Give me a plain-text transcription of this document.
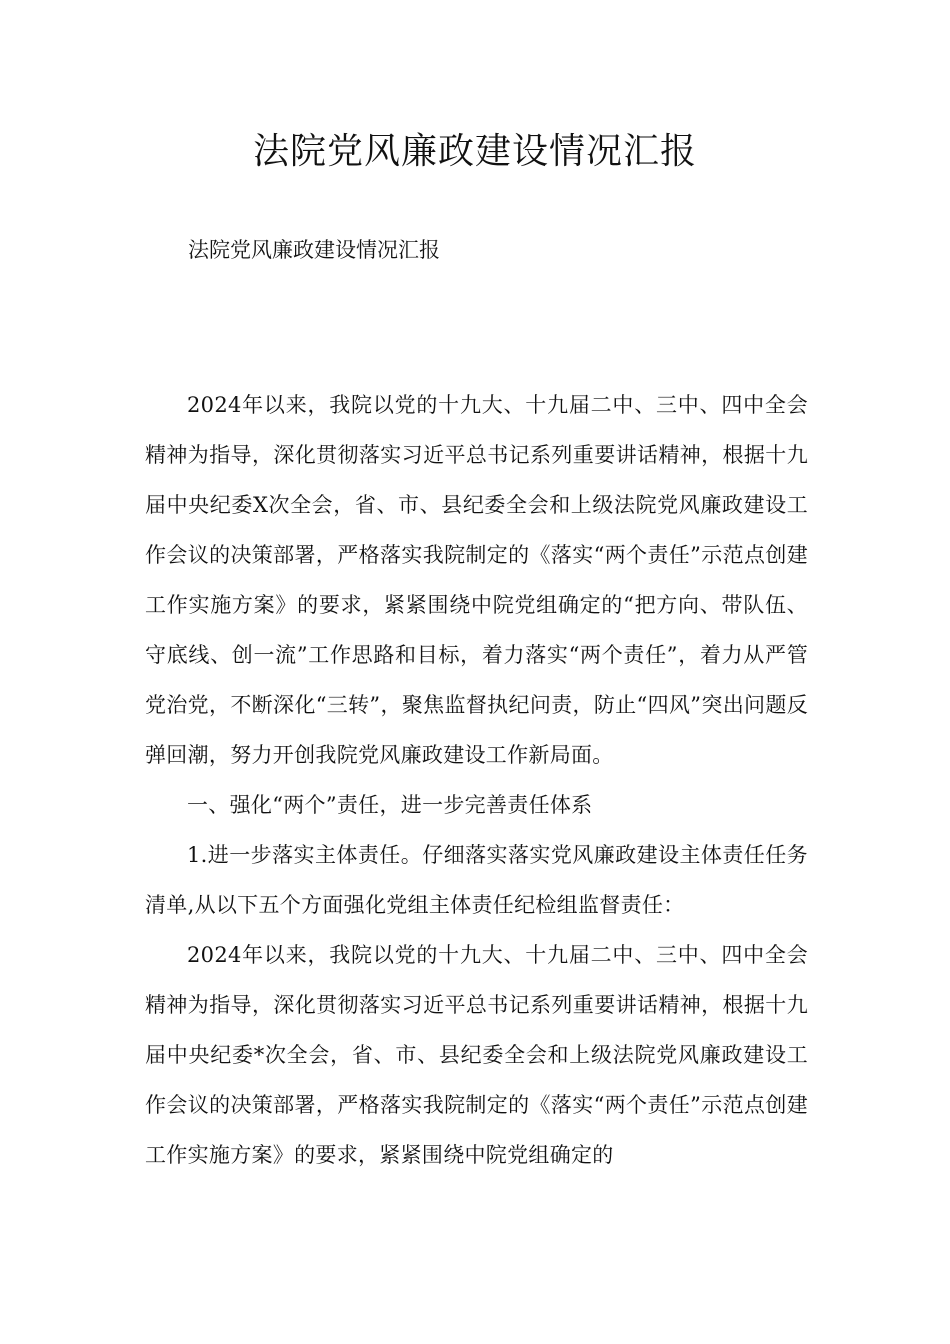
法院党风廉政建设情况汇报

法院党风廉政建设情况汇报

2024年以来，我院以党的十九大、十九届二中、三中、四中全会精神为指导，深化贯彻落实习近平总书记系列重要讲话精神，根据十九届中央纪委X次全会，省、市、县纪委全会和上级法院党风廉政建设工作会议的决策部署，严格落实我院制定的《落实“两个责任”示范点创建工作实施方案》的要求，紧紧围绕中院党组确定的“把方向、带队伍、守底线、创一流”工作思路和目标，着力落实“两个责任”，着力从严管党治党，不断深化“三转”，聚焦监督执纪问责，防止“四风”突出问题反弹回潮，努力开创我院党风廉政建设工作新局面。

一、强化“两个”责任，进一步完善责任体系

1.进一步落实主体责任。仔细落实落实党风廉政建设主体责任任务清单,从以下五个方面强化党组主体责任纪检组监督责任：

2024年以来，我院以党的十九大、十九届二中、三中、四中全会精神为指导，深化贯彻落实习近平总书记系列重要讲话精神，根据十九届中央纪委*次全会，省、市、县纪委全会和上级法院党风廉政建设工作会议的决策部署，严格落实我院制定的《落实“两个责任”示范点创建工作实施方案》的要求，紧紧围绕中院党组确定的
